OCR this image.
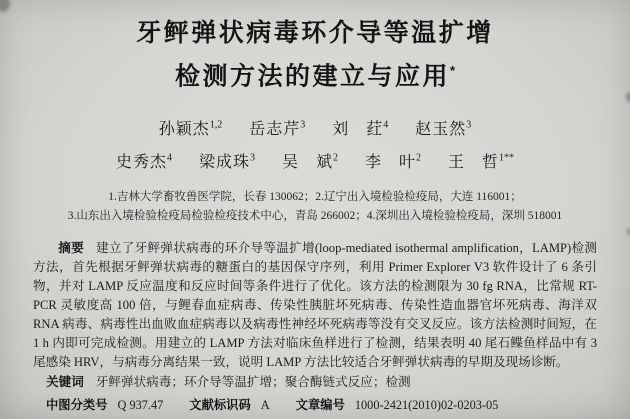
牙鲆弹状病毒环介导等温扩增
检测方法的建立与应用*
孙颖杰$^{1,2}$ 岳志芹$^3$ 刘　荭$^4$ 赵玉然$^3$
史秀杰$^4$ 梁成珠$^3$ 吴　斌$^2$ 李　叶$^2$ 王　哲$^{1**}$
1.吉林大学畜牧兽医学院，长春 130062；2.辽宁出入境检验检疫局，大连 116001；
3.山东出入境检验检疫局检验检疫技术中心，青岛 266002；4.深圳出入境检验检疫局，深圳 518001

摘要 建立了牙鲆弹状病毒的环介导等温扩增(loop-mediated isothermal amplification，LAMP)检测方法，首先根据牙鲆弹状病毒的糖蛋白的基因保守序列，利用 Primer Explorer V3 软件设计了 6 条引物，并对 LAMP 反应温度和反应时间等条件进行了优化。该方法的检测限为 30 fg RNA，比常规 RT-PCR 灵敏度高 100 倍，与鲤春血症病毒、传染性胰脏坏死病毒、传染性造血器官坏死病毒、海洋双 RNA 病毒、病毒性出血败血症病毒以及病毒性神经坏死病毒等没有交叉反应。该方法检测时间短，在 1 h 内即可完成检测。用建立的 LAMP 方法对临床鱼样进行了检测，结果表明 40 尾石鲽鱼样品中有 3 尾感染 HRV，与病毒分离结果一致，说明 LAMP 方法比较适合牙鲆弹状病毒的早期及现场诊断。

关键词 牙鲆弹状病毒；环介导等温扩增；聚合酶链式反应；检测
中图分类号 Q 937.47 文献标识码 A 文章编号 1000-2421(2010)02-0203-05
